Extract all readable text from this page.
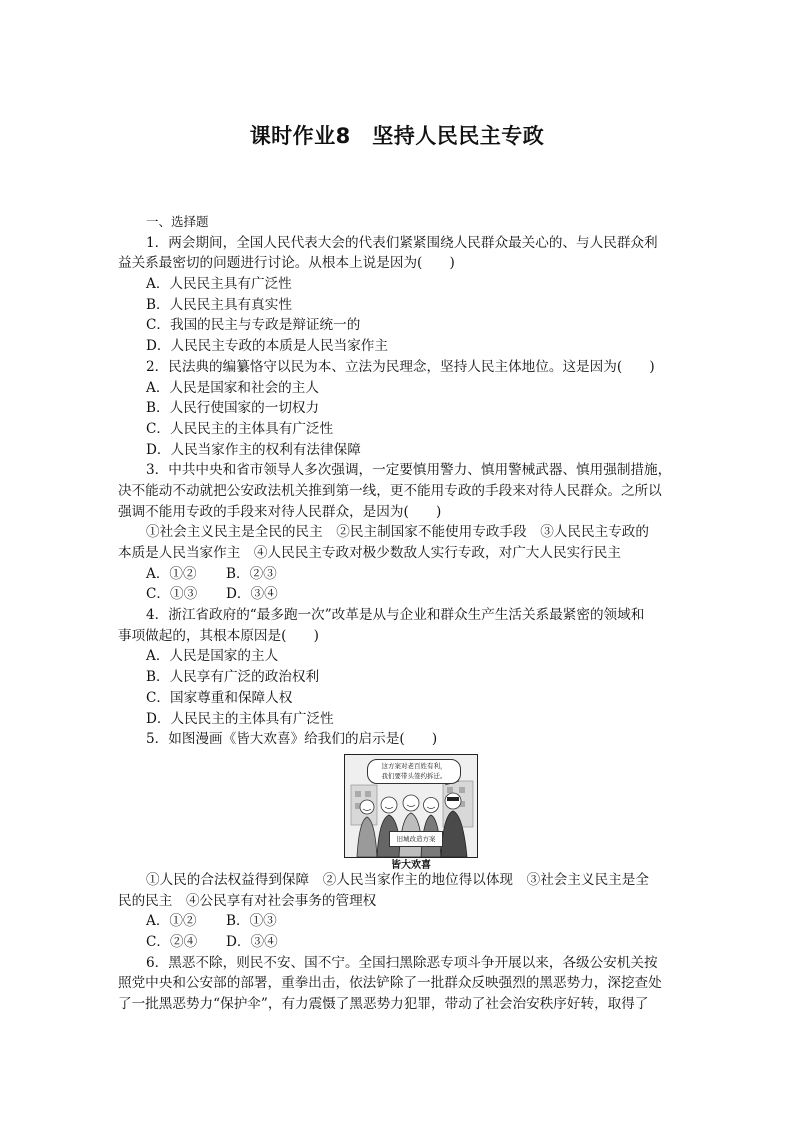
课时作业8　坚持人民民主专政
一、选择题
1．两会期间，全国人民代表大会的代表们紧紧围绕人民群众最关心的、与人民群众利
益关系最密切的问题进行讨论。从根本上说是因为(　　)
A．人民民主具有广泛性
B．人民民主具有真实性
C．我国的民主与专政是辩证统一的
D．人民民主专政的本质是人民当家作主
2．民法典的编纂恪守以民为本、立法为民理念，坚持人民主体地位。这是因为(　　)
A．人民是国家和社会的主人
B．人民行使国家的一切权力
C．人民民主的主体具有广泛性
D．人民当家作主的权利有法律保障
3．中共中央和省市领导人多次强调，一定要慎用警力、慎用警械武器、慎用强制措施，
决不能动不动就把公安政法机关推到第一线，更不能用专政的手段来对待人民群众。之所以
强调不能用专政的手段来对待人民群众，是因为(　　)
①社会主义民主是全民的民主　②民主制国家不能使用专政手段　③人民民主专政的
本质是人民当家作主　④人民民主专政对极少数敌人实行专政，对广大人民实行民主
A．①②	B．②③
C．①③	D．③④
4．浙江省政府的“最多跑一次”改革是从与企业和群众生产生活关系最紧密的领域和
事项做起的，其根本原因是(　　)
A．人民是国家的主人
B．人民享有广泛的政治权利
C．国家尊重和保障人权
D．人民民主的主体具有广泛性
5．如图漫画《皆大欢喜》给我们的启示是(　　)
这方案对老百姓有利，
我们要带头签约拆迁。
旧城改造方案
皆大欢喜
①人民的合法权益得到保障　②人民当家作主的地位得以体现　③社会主义民主是全
民的民主　④公民享有对社会事务的管理权
A．①②	B．①③
C．②④	D．③④
6．黑恶不除，则民不安、国不宁。全国扫黑除恶专项斗争开展以来，各级公安机关按
照党中央和公安部的部署，重拳出击，依法铲除了一批群众反映强烈的黑恶势力，深挖查处
了一批黑恶势力“保护伞”，有力震慑了黑恶势力犯罪，带动了社会治安秩序好转，取得了
